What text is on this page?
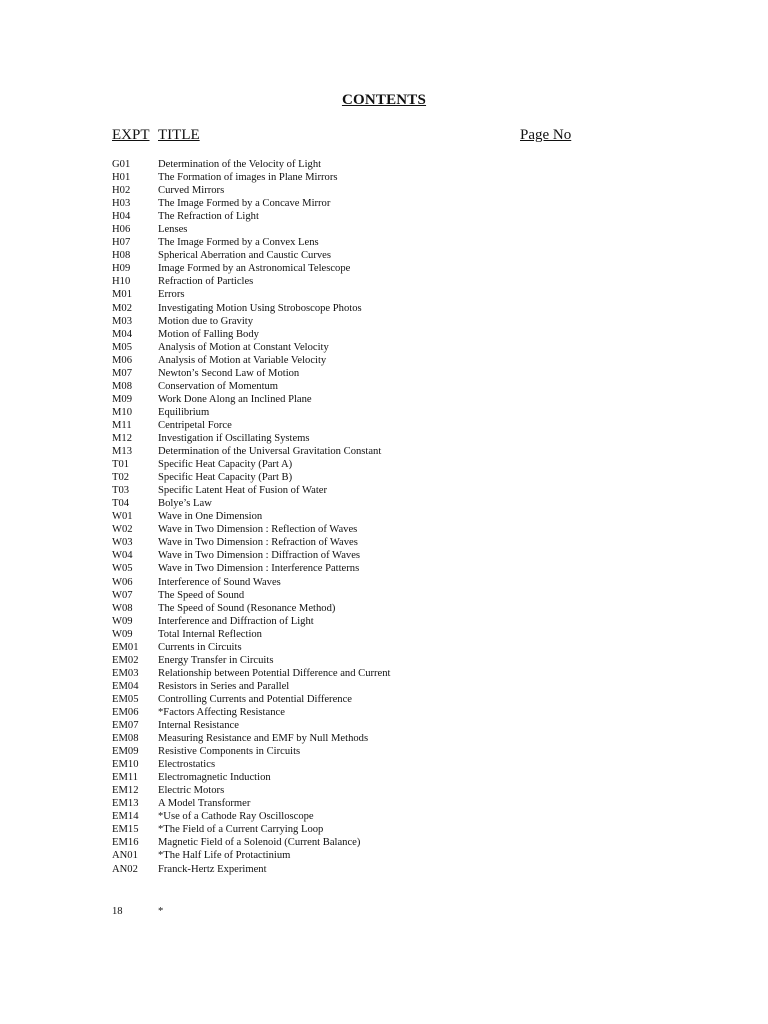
CONTENTS
EXPT TITLE	Page No
G01	Determination of the Velocity of Light
H01	The Formation of images in Plane Mirrors
H02	Curved Mirrors
H03	The Image Formed by a Concave Mirror
H04	The Refraction of Light
H06	Lenses
H07	The Image Formed by a Convex Lens
H08	Spherical Aberration and Caustic Curves
H09	Image Formed by an Astronomical Telescope
H10	Refraction of Particles
M01	Errors
M02	Investigating Motion Using Stroboscope Photos
M03	Motion due to Gravity
M04	Motion of Falling Body
M05	Analysis of Motion at Constant Velocity
M06	Analysis of Motion at Variable Velocity
M07	Newton’s Second Law of Motion
M08	Conservation of Momentum
M09	Work Done Along an Inclined Plane
M10	Equilibrium
M11	Centripetal Force
M12	Investigation if Oscillating Systems
M13	Determination of the Universal Gravitation Constant
T01	Specific Heat Capacity (Part A)
T02	Specific Heat Capacity (Part B)
T03	Specific Latent Heat of Fusion of Water
T04	Bolye’s Law
W01	Wave in One Dimension
W02	Wave in Two Dimension : Reflection of Waves
W03	Wave in Two Dimension : Refraction of Waves
W04	Wave in Two Dimension : Diffraction of Waves
W05	Wave in Two Dimension : Interference Patterns
W06	Interference of Sound Waves
W07	The Speed of Sound
W08	The Speed of Sound (Resonance Method)
W09	Interference and Diffraction of Light
W09	Total Internal Reflection
EM01	Currents in Circuits
EM02	Energy Transfer in Circuits
EM03	Relationship between Potential Difference and Current
EM04	Resistors in Series and Parallel
EM05	Controlling Currents and Potential Difference
EM06	*Factors Affecting Resistance
EM07	Internal Resistance
EM08	Measuring Resistance and EMF by Null Methods
EM09	Resistive Components in Circuits
EM10	Electrostatics
EM11	Electromagnetic Induction
EM12	Electric Motors
EM13	A Model Transformer
EM14	*Use of a Cathode Ray Oscilloscope
EM15	*The Field of a Current Carrying Loop
EM16	Magnetic Field of a Solenoid (Current Balance)
AN01	*The Half Life of Protactinium
AN02	Franck-Hertz Experiment
18	*
